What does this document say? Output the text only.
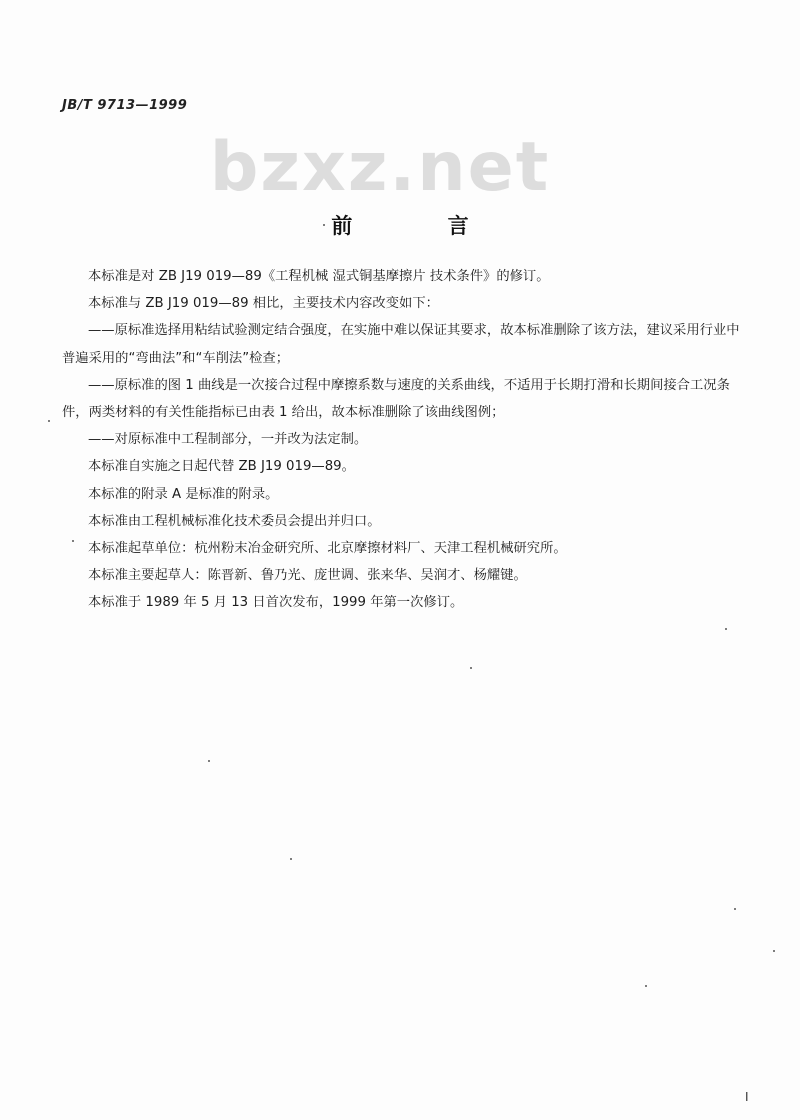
JB/T 9713—1999
bzxz.net
前 言

本标准是对 ZB J19 019—89《工程机械 湿式铜基摩擦片 技术条件》的修订。

本标准与 ZB J19 019—89 相比，主要技术内容改变如下：

——原标准选择用粘结试验测定结合强度，在实施中难以保证其要求，故本标准删除了该方法，建议采用行业中普遍采用的“弯曲法”和“车削法”检查；

——原标准的图 1 曲线是一次接合过程中摩擦系数与速度的关系曲线，不适用于长期打滑和长期间接合工况条件，两类材料的有关性能指标已由表 1 给出，故本标准删除了该曲线图例；

——对原标准中工程制部分，一并改为法定制。

本标准自实施之日起代替 ZB J19 019—89。

本标准的附录 A 是标准的附录。

本标准由工程机械标准化技术委员会提出并归口。

本标准起草单位：杭州粉末冶金研究所、北京摩擦材料厂、天津工程机械研究所。

本标准主要起草人：陈晋新、鲁乃光、庞世调、张来华、吴润才、杨耀键。

本标准于 1989 年 5 月 13 日首次发布，1999 年第一次修订。

I
